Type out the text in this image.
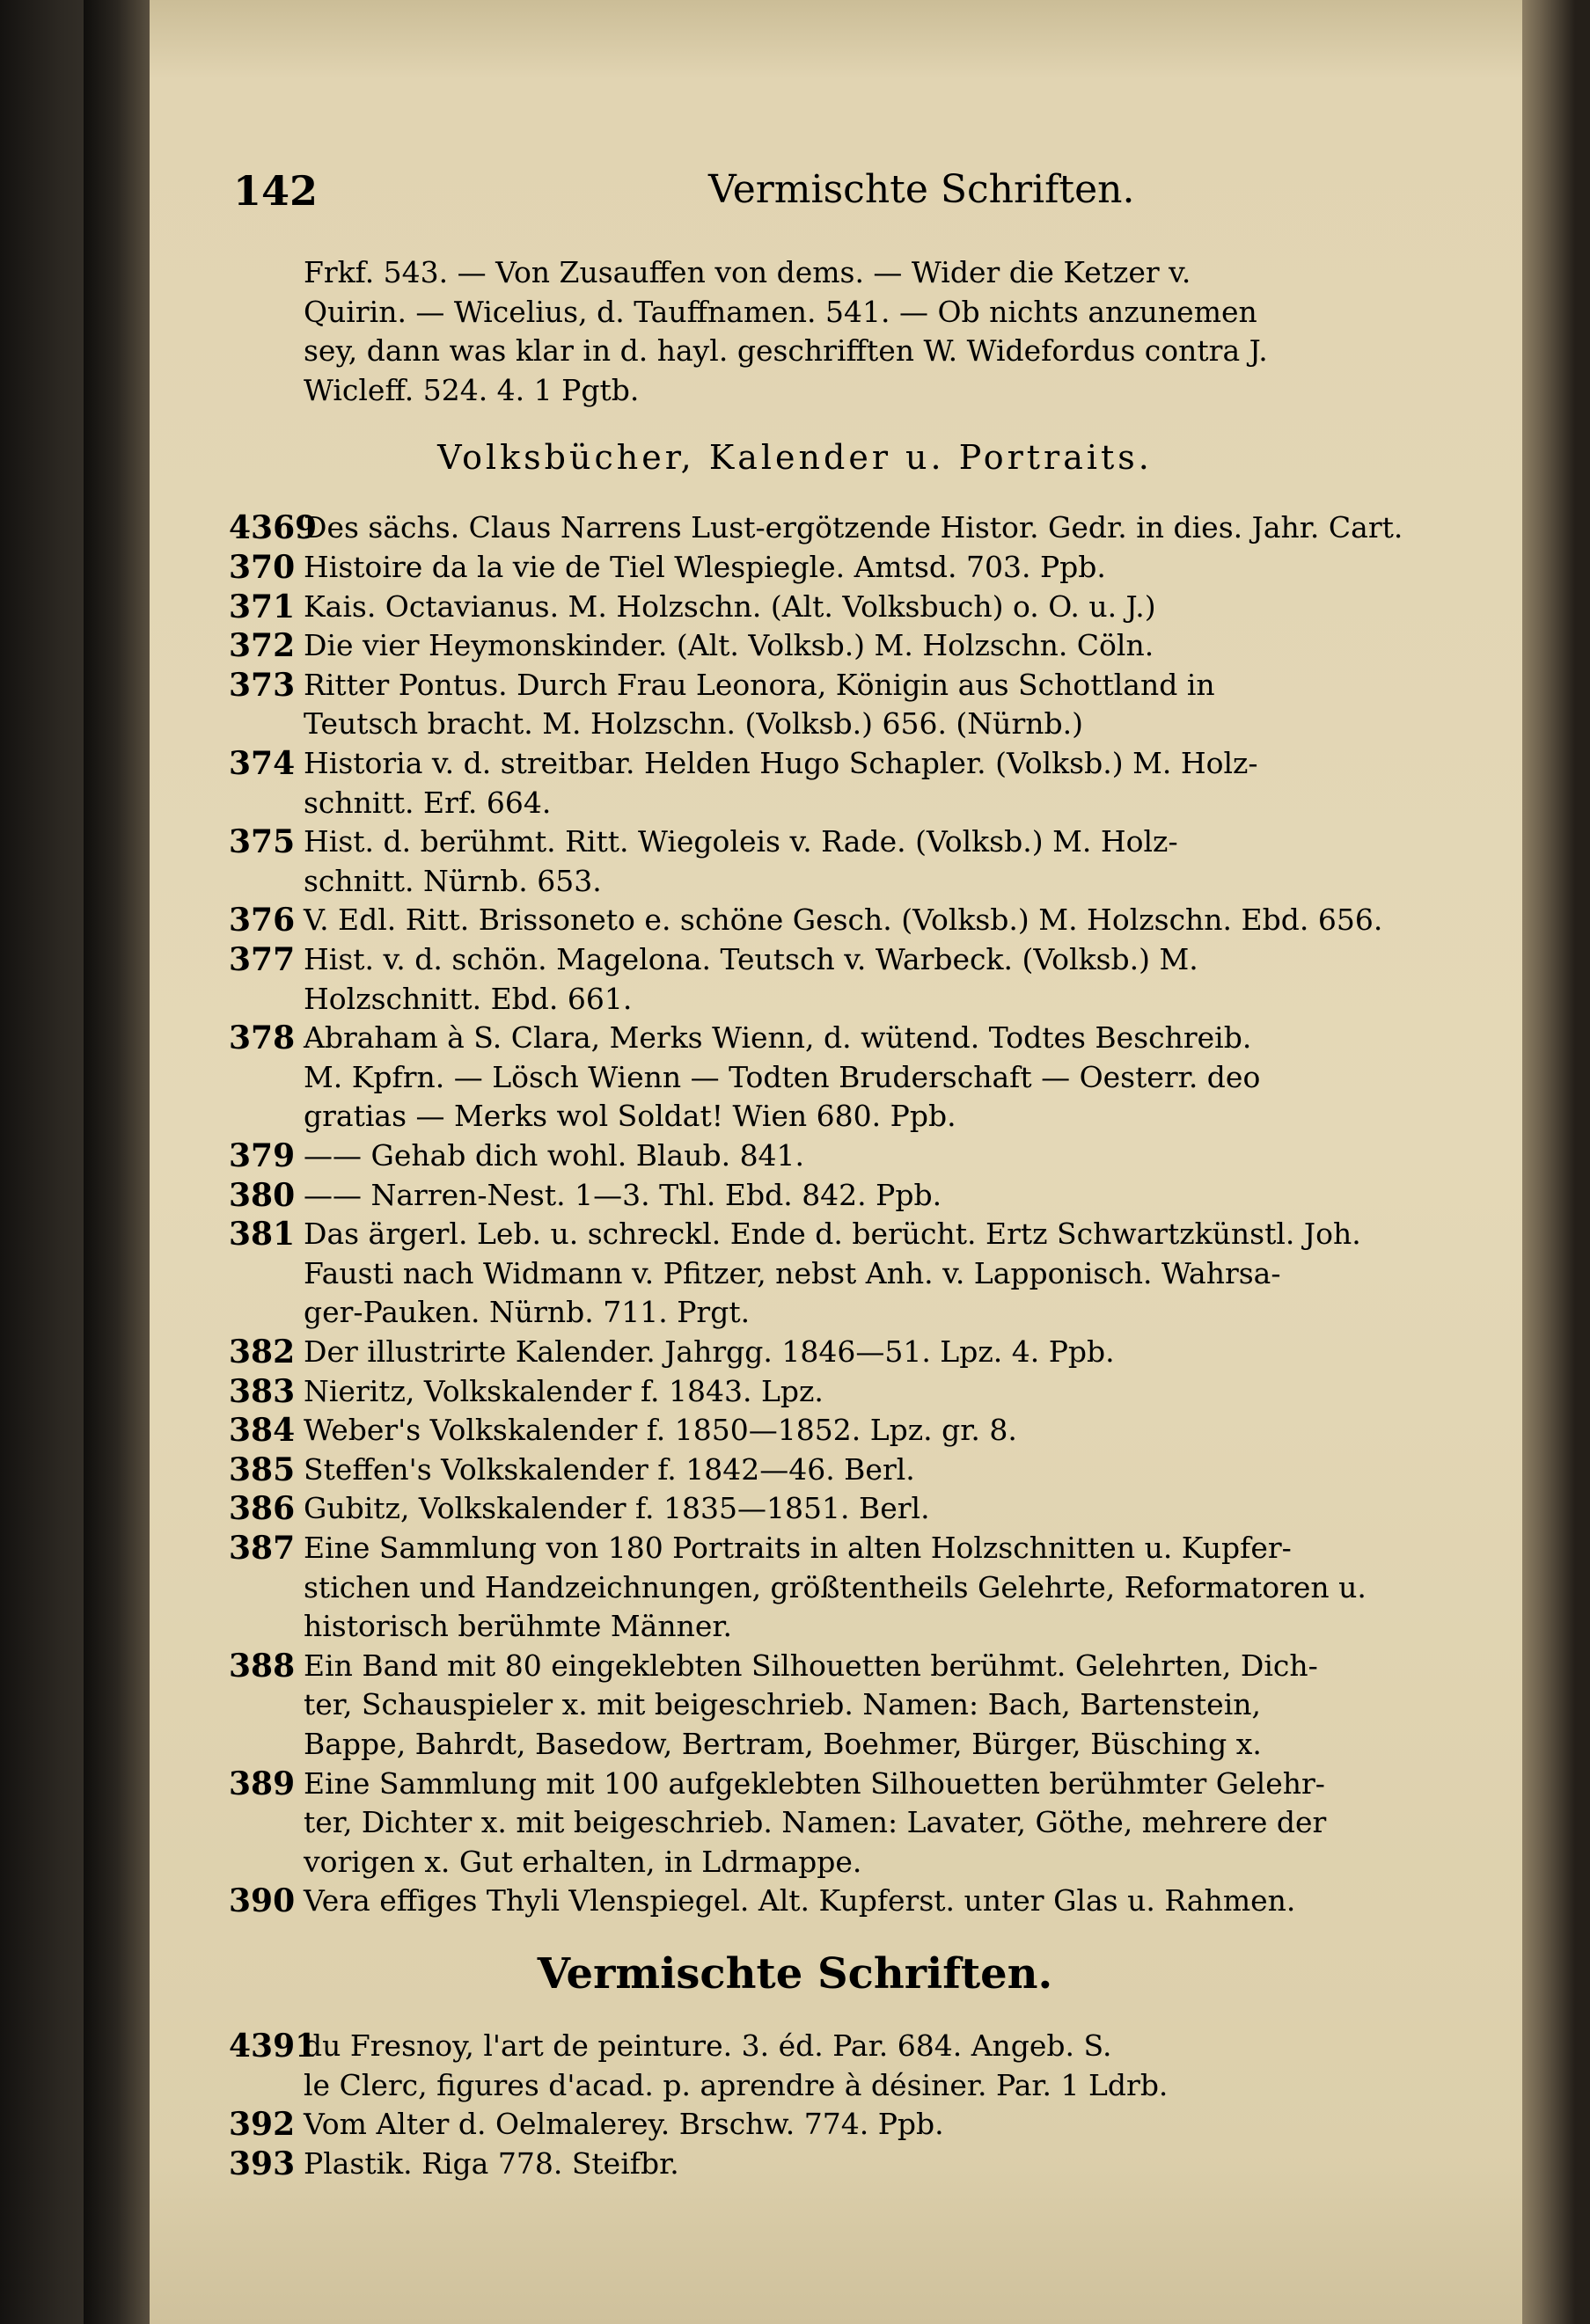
142	Vermischte Schriften.
Frkf. 543. — Von Zusauffen von dems. — Wider die Ketzer v.
Quirin. — Wicelius, d. Tauffnamen. 541. — Ob nichts anzunemen
sey, dann was klar in d. hayl. geschrifften W. Widefordus contra J.
Wicleff. 524. 4. 1 Pgtb.
Volksbücher, Kalender u. Portraits.
4369
Des sächs. Claus Narrens Lust-ergötzende Histor. Gedr. in dies. Jahr. Cart.
370 Histoire da la vie de Tiel Wlespiegle. Amtsd. 703. Ppb.
371 Kais. Octavianus. M. Holzschn. (Alt. Volksbuch) o. O. u. J.)
372 Die vier Heymonskinder. (Alt. Volksb.) M. Holzschn. Cöln.
373 Ritter Pontus. Durch Frau Leonora, Königin aus Schottland in
Teutsch bracht. M. Holzschn. (Volksb.) 656. (Nürnb.)
374 Historia v. d. streitbar. Helden Hugo Schapler. (Volksb.) M. Holz-
schnitt. Erf. 664.
375 Hist. d. berühmt. Ritt. Wiegoleis v. Rade. (Volksb.) M. Holz-
schnitt. Nürnb. 653.
376 V. Edl. Ritt. Brissoneto e. schöne Gesch. (Volksb.) M. Holzschn. Ebd. 656.
377 Hist. v. d. schön. Magelona. Teutsch v. Warbeck. (Volksb.) M.
Holzschnitt. Ebd. 661.
378 Abraham à S. Clara, Merks Wienn, d. wütend. Todtes Beschreib.
M. Kpfrn. — Lösch Wienn — Todten Bruderschaft — Oesterr. deo
gratias — Merks wol Soldat! Wien 680. Ppb.
379 —— Gehab dich wohl. Blaub. 841.
380 —— Narren-Nest. 1—3. Thl. Ebd. 842. Ppb.
381 Das ärgerl. Leb. u. schreckl. Ende d. berücht. Ertz Schwartzkünstl. Joh.
Fausti nach Widmann v. Pfitzer, nebst Anh. v. Lapponisch. Wahrsa-
ger-Pauken. Nürnb. 711. Prgt.
382 Der illustrirte Kalender. Jahrgg. 1846—51. Lpz. 4. Ppb.
383 Nieritz, Volkskalender f. 1843. Lpz.
384 Weber's Volkskalender f. 1850—1852. Lpz. gr. 8.
385 Steffen's Volkskalender f. 1842—46. Berl.
386 Gubitz, Volkskalender f. 1835—1851. Berl.
387 Eine Sammlung von 180 Portraits in alten Holzschnitten u. Kupfer-
stichen und Handzeichnungen, größtentheils Gelehrte, Reformatoren u.
historisch berühmte Männer.
388 Ein Band mit 80 eingeklebten Silhouetten berühmt. Gelehrten, Dich-
ter, Schauspieler x. mit beigeschrieb. Namen: Bach, Bartenstein,
Bappe, Bahrdt, Basedow, Bertram, Boehmer, Bürger, Büsching x.
389 Eine Sammlung mit 100 aufgeklebten Silhouetten berühmter Gelehr-
ter, Dichter x. mit beigeschrieb. Namen: Lavater, Göthe, mehrere der
vorigen x. Gut erhalten, in Ldrmappe.
390 Vera effiges Thyli Vlenspiegel. Alt. Kupferst. unter Glas u. Rahmen.
Vermischte Schriften.
4391
du Fresnoy, l'art de peinture. 3. éd. Par. 684. Angeb. S.
le Clerc, figures d'acad. p. aprendre à désiner. Par. 1 Ldrb.
392 Vom Alter d. Oelmalerey. Brschw. 774. Ppb.
393 Plastik. Riga 778. Steifbr.
